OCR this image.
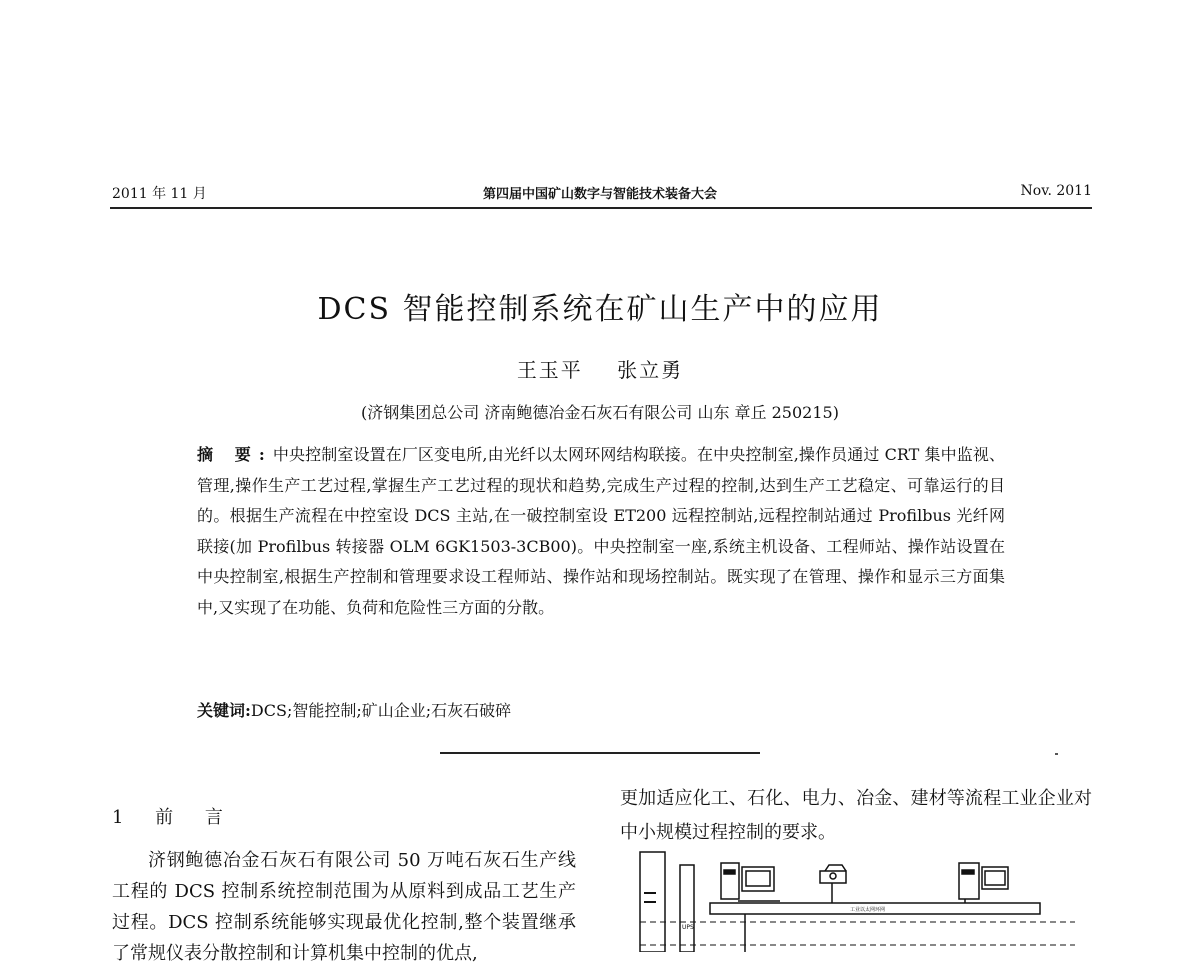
2011 年 11 月	第四届中国矿山数字与智能技术装备大会	Nov. 2011
DCS 智能控制系统在矿山生产中的应用
王玉平 张立勇
(济钢集团总公司 济南鲍德冶金石灰石有限公司 山东 章丘 250215)
摘 要:中央控制室设置在厂区变电所,由光纤以太网环网结构联接。在中央控制室,操作员通过 CRT 集中监视、管理,操作生产工艺过程,掌握生产工艺过程的现状和趋势,完成生产过程的控制,达到生产工艺稳定、可靠运行的目的。根据生产流程在中控室设 DCS 主站,在一破控制室设 ET200 远程控制站,远程控制站通过 Profilbus 光纤网联接(加 Profilbus 转接器 OLM 6GK1503-3CB00)。中央控制室一座,系统主机设备、工程师站、操作站设置在中央控制室,根据生产控制和管理要求设工程师站、操作站和现场控制站。既实现了在管理、操作和显示三方面集中,又实现了在功能、负荷和危险性三方面的分散。
关键词:DCS;智能控制;矿山企业;石灰石破碎
1 前 言
济钢鲍德冶金石灰石有限公司 50 万吨石灰石生产线工程的 DCS 控制系统控制范围为从原料到成品工艺生产过程。DCS 控制系统能够实现最优化控制,整个装置继承了常规仪表分散控制和计算机集中控制的优点,
更加适应化工、石化、电力、冶金、建材等流程工业企业对中小规模过程控制的要求。
UPS
工业以太网环网
